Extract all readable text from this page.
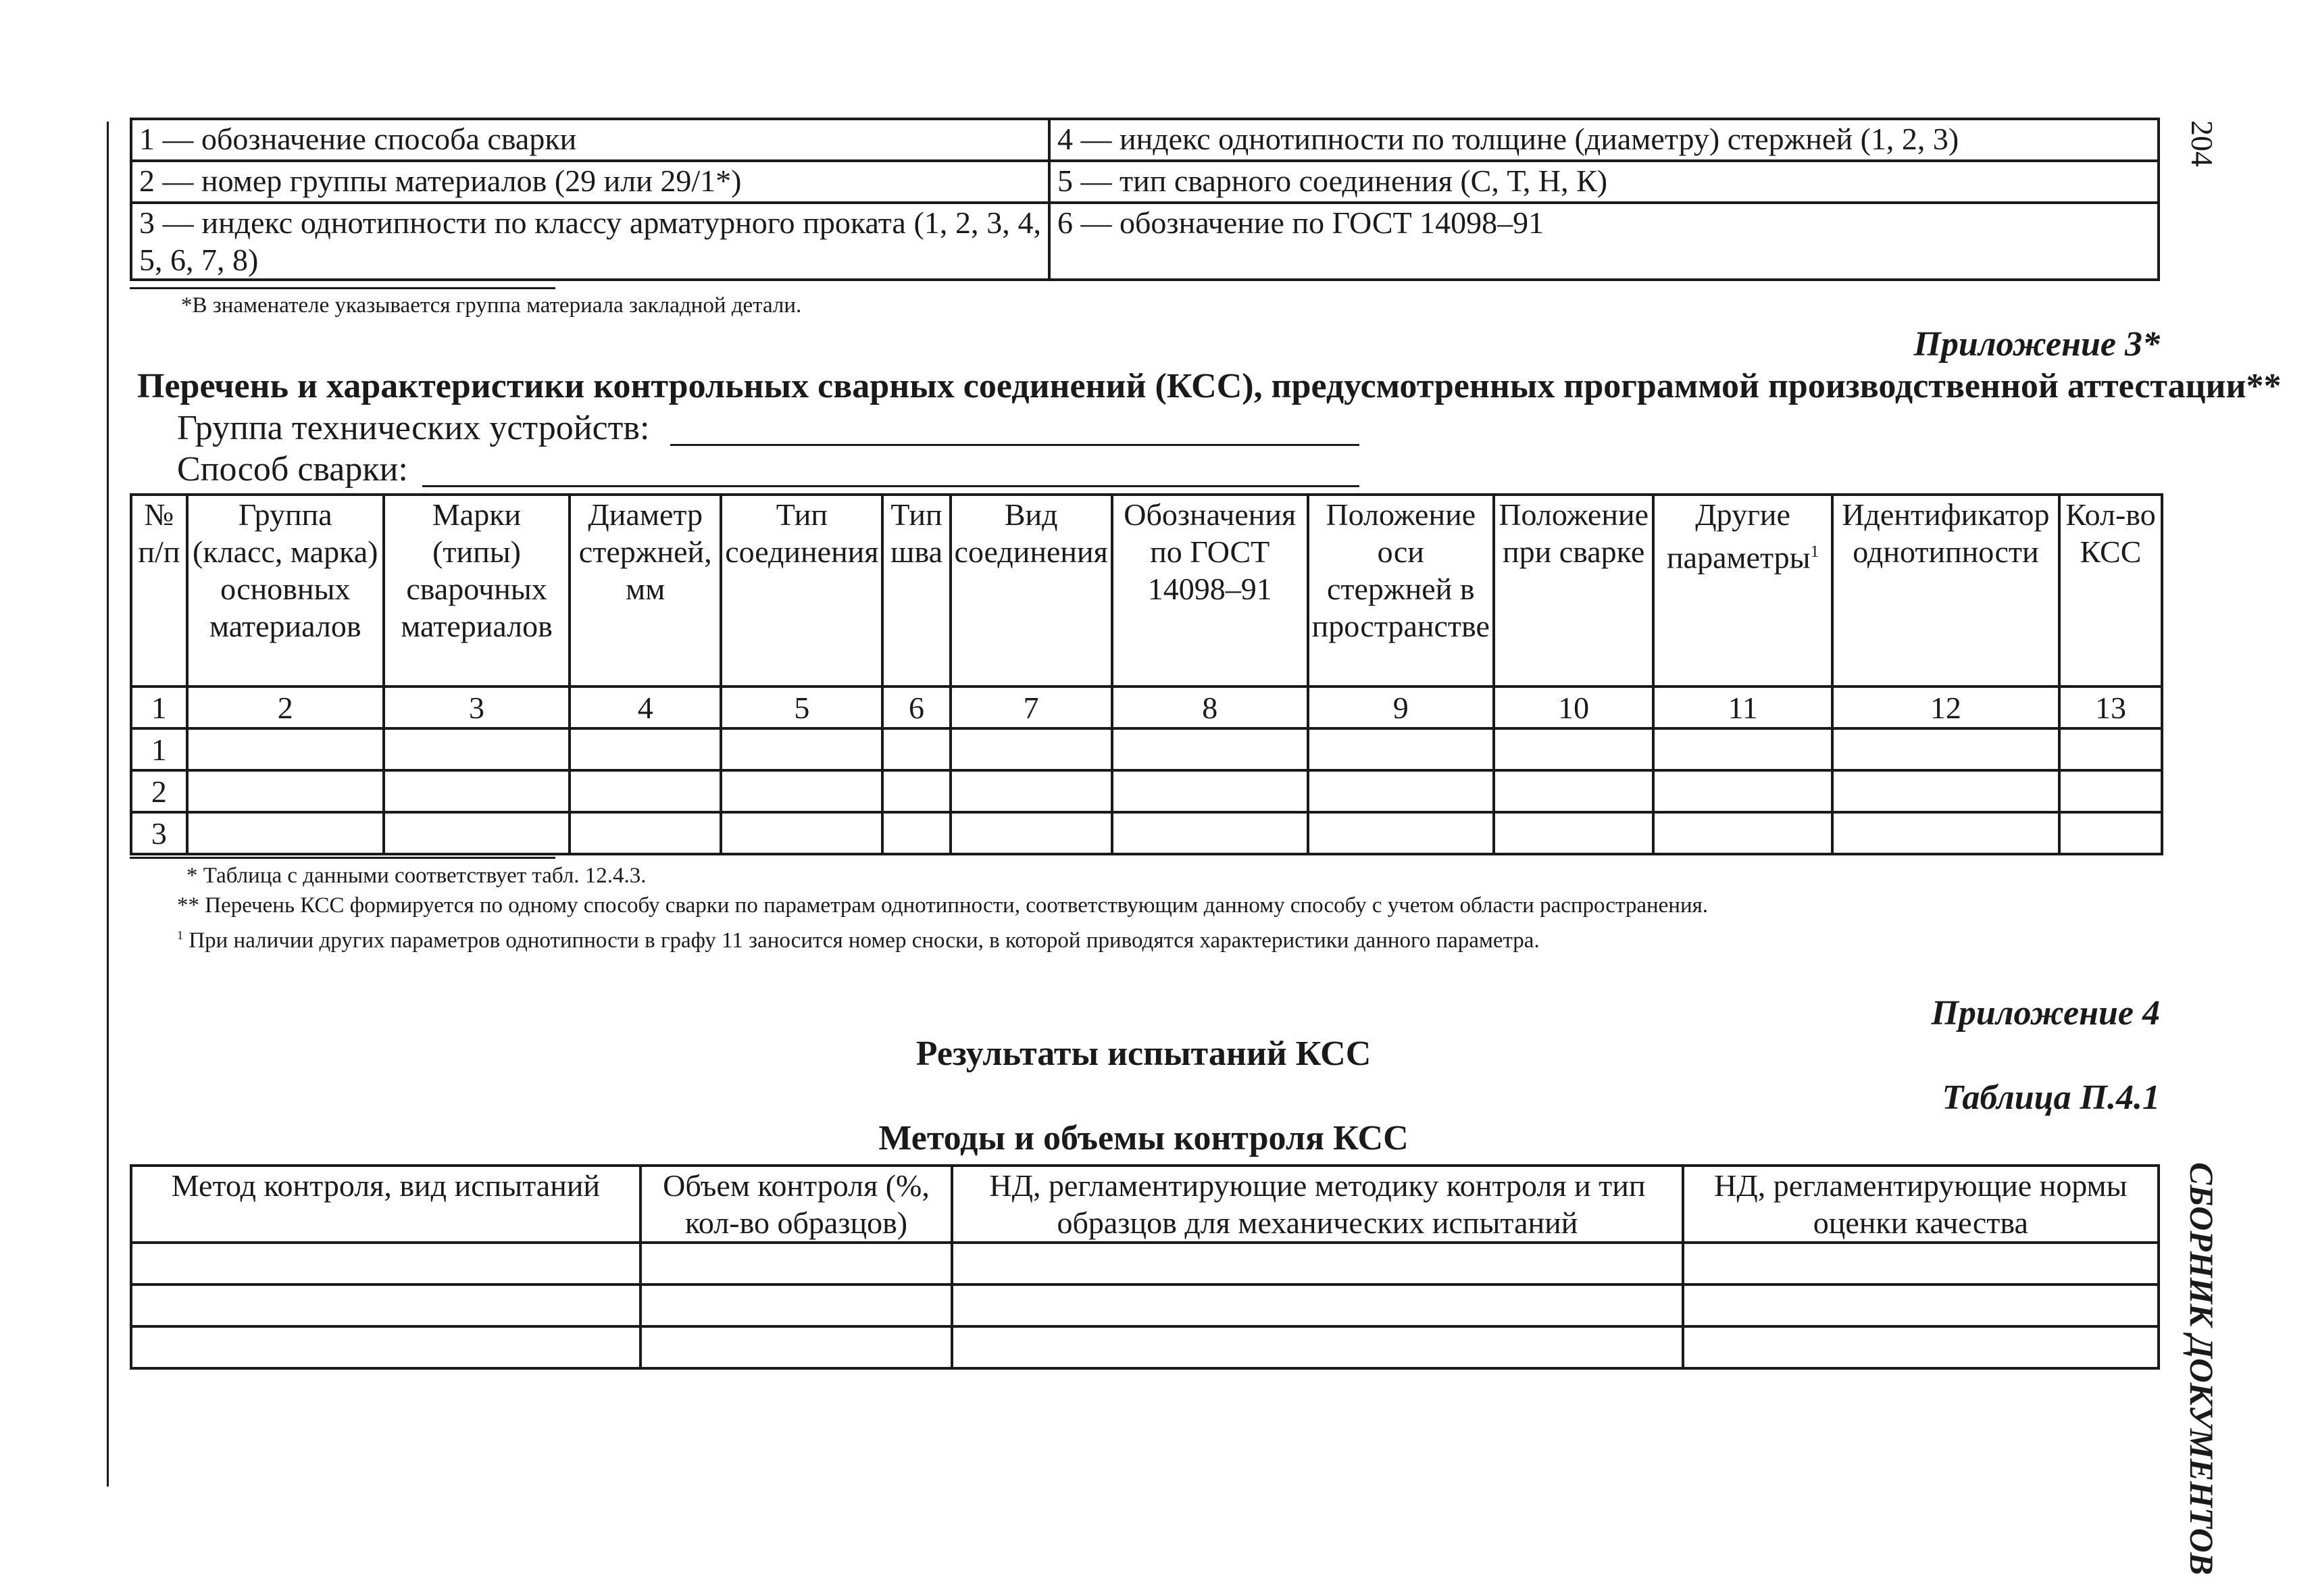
1 — обозначение способа сварки	4 — индекс однотипности по толщине (диаметру) стержней (1, 2, 3)
2 — номер группы материалов (29 или 29/1*)	5 — тип сварного соединения (С, Т, Н, К)
3 — индекс однотипности по классу арматурного проката (1, 2, 3, 4, 5, 6, 7, 8)	6 — обозначение по ГОСТ 14098–91
*В знаменателе указывается группа материала закладной детали.
Приложение 3*
Перечень и характеристики контрольных сварных соединений (КСС), предусмотренных программой производственной аттестации**
Группа технических устройств:
Способ сварки:
№ п/п	Группа (класс, марка) основных материалов	Марки (типы) сварочных материалов	Диаметр стержней, мм	Тип соединения	Тип шва	Вид соединения	Обозначения по ГОСТ 14098–91	Положение оси стержней в пространстве	Положение при сварке	Другие параметры$^1$	Идентификатор однотипности	Кол-во КСС
1	2	3	4	5	6	7	8	9	10	11	12	13
1												
2												
3												
* Таблица с данными соответствует табл. 12.4.3.
** Перечень КСС формируется по одному способу сварки по параметрам однотипности, соответствующим данному способу с учетом области распространения.
$^1$ При наличии других параметров однотипности в графу 11 заносится номер сноски, в которой приводятся характеристики данного параметра.
Приложение 4
Результаты испытаний КСС
Таблица П.4.1
Методы и объемы контроля КСС
Метод контроля, вид испытаний	Объем контроля (%, кол-во образцов)	НД, регламентирующие методику контроля и тип образцов для механических испытаний	НД, регламентирующие нормы оценки качества

204
СБОРНИК ДОКУМЕНТОВ
